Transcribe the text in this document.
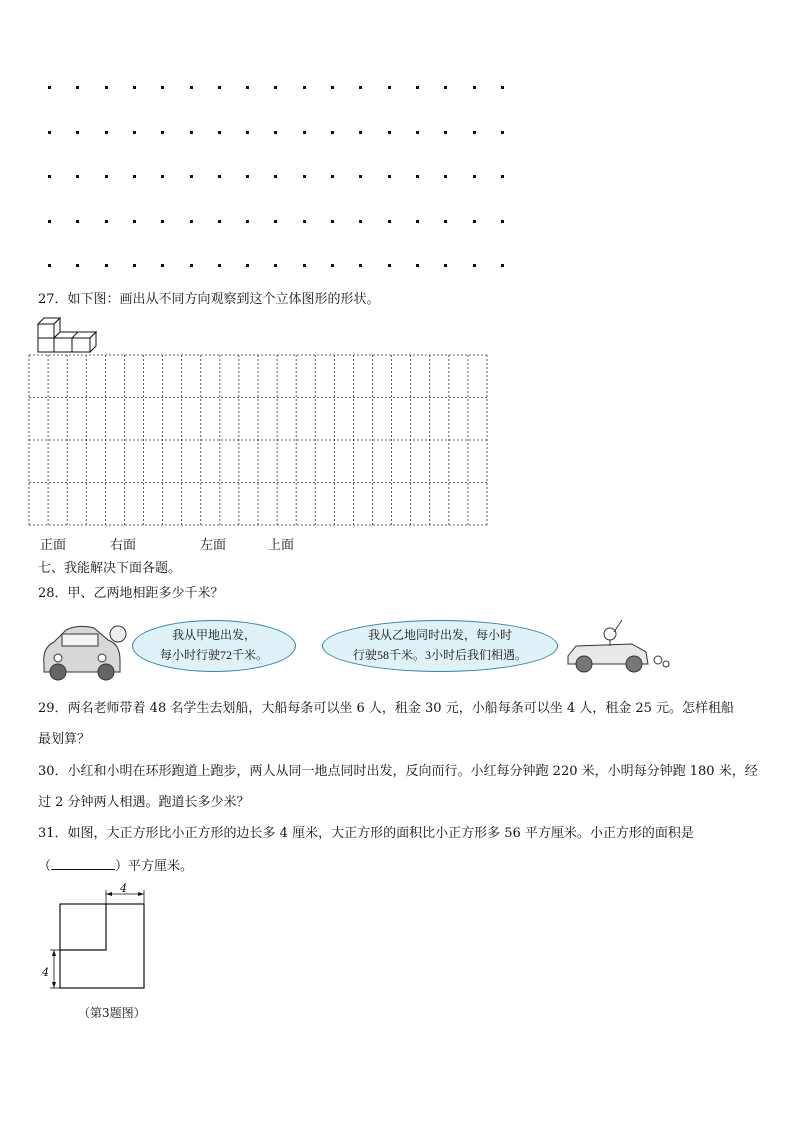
27．如下图：画出从不同方向观察到这个立体图形的形状。
正面	右面	左面	上面
七、我能解决下面各题。
28．甲、乙两地相距多少千米？
我从甲地出发，
每小时行驶72千米。
我从乙地同时出发，每小时
行驶58千米。3小时后我们相遇。
29．两名老师带着 48 名学生去划船，大船每条可以坐 6 人，租金 30 元，小船每条可以坐 4 人，租金 25 元。怎样租船
最划算？
30．小红和小明在环形跑道上跑步，两人从同一地点同时出发，反向而行。小红每分钟跑 220 米，小明每分钟跑 180 米，经
过 2 分钟两人相遇。跑道长多少米？
31．如图，大正方形比小正方形的边长多 4 厘米，大正方形的面积比小正方形多 56 平方厘米。小正方形的面积是
（	）平方厘米。
4
4
（第3题图）
